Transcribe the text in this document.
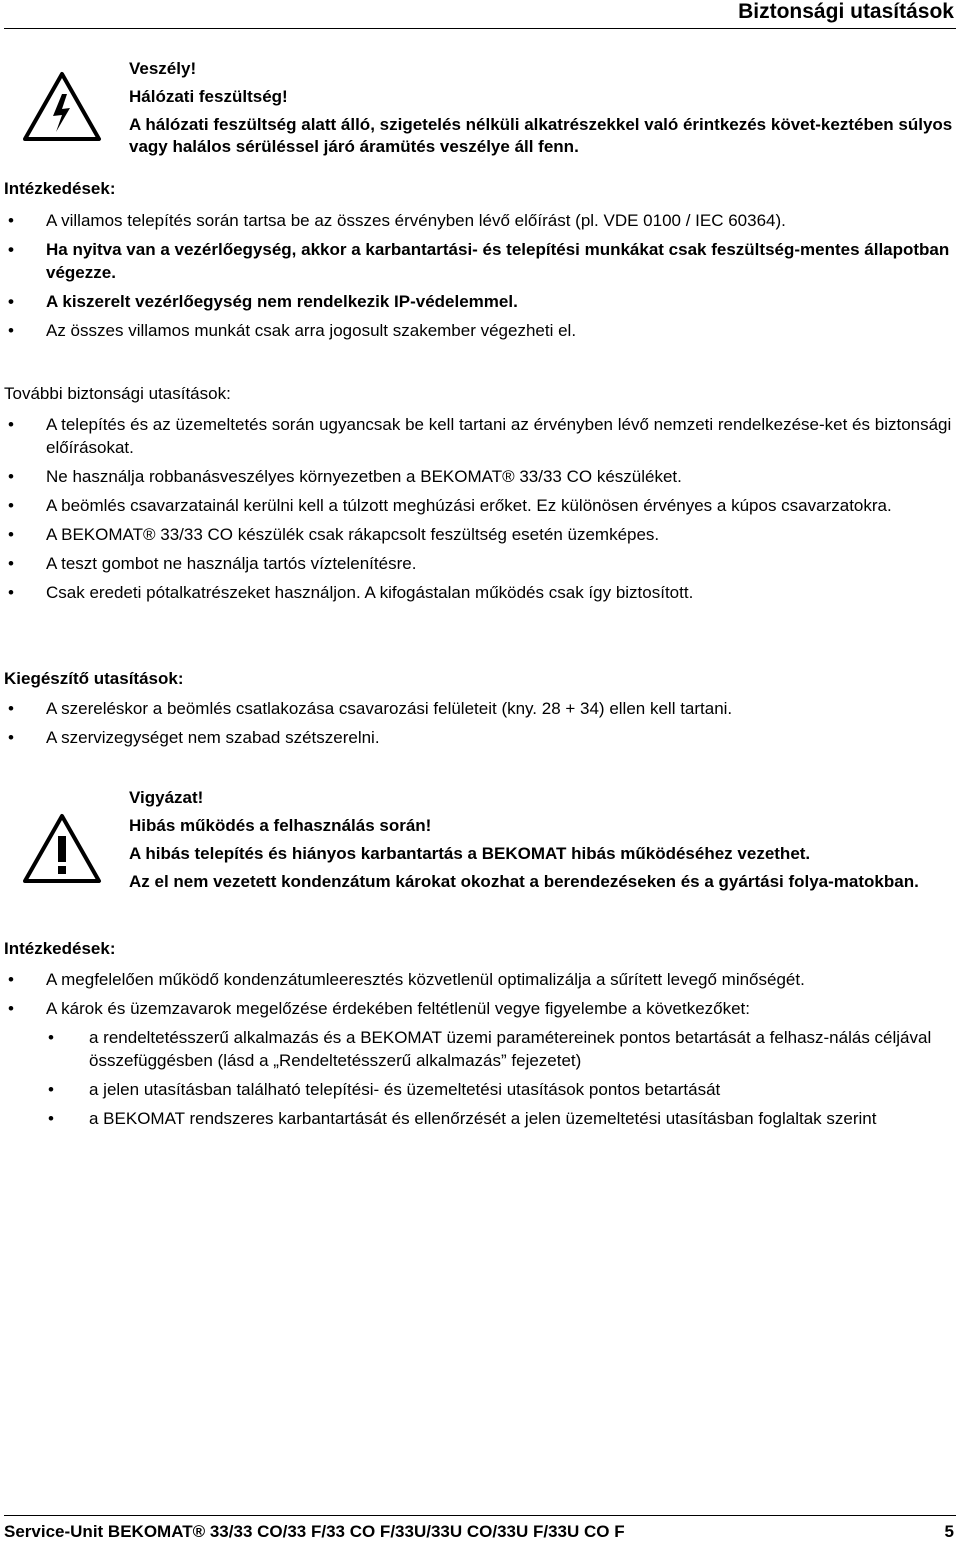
Biztonsági utasítások
Veszély!
Hálózati feszültség!
A hálózati feszültség alatt álló, szigetelés nélküli alkatrészekkel való érintkezés követ-keztében súlyos vagy halálos sérüléssel járó áramütés veszélye áll fenn.
Intézkedések:
• A villamos telepítés során tartsa be az összes érvényben lévő előírást (pl. VDE 0100 / IEC 60364).
• Ha nyitva van a vezérlőegység, akkor a karbantartási- és telepítési munkákat csak feszültség-mentes állapotban végezze.
• A kiszerelt vezérlőegység nem rendelkezik IP-védelemmel.
• Az összes villamos munkát csak arra jogosult szakember végezheti el.
További biztonsági utasítások:
• A telepítés és az üzemeltetés során ugyancsak be kell tartani az érvényben lévő nemzeti rendelkezése-ket és biztonsági előírásokat.
• Ne használja robbanásveszélyes környezetben a BEKOMAT® 33/33 CO készüléket.
• A beömlés csavarzatainál kerülni kell a túlzott meghúzási erőket. Ez különösen érvényes a kúpos csavarzatokra.
• A BEKOMAT® 33/33 CO készülék csak rákapcsolt feszültség esetén üzemképes.
• A teszt gombot ne használja tartós víztelenítésre.
• Csak eredeti pótalkatrészeket használjon. A kifogástalan működés csak így biztosított.
Kiegészítő utasítások:
• A szereléskor a beömlés csatlakozása csavarozási felületeit (kny. 28 + 34) ellen kell tartani.
• A szervizegységet nem szabad szétszerelni.
Vigyázat!
Hibás működés a felhasználás során!
A hibás telepítés és hiányos karbantartás a BEKOMAT hibás működéséhez vezethet.
Az el nem vezetett kondenzátum károkat okozhat a berendezéseken és a gyártási folya-matokban.
Intézkedések:
• A megfelelően működő kondenzátumleeresztés közvetlenül optimalizálja a sűrített levegő minőségét.
• A károk és üzemzavarok megelőzése érdekében feltétlenül vegye figyelembe a következőket:
• a rendeltetésszerű alkalmazás és a BEKOMAT üzemi paramétereinek pontos betartását a felhasz-nálás céljával összefüggésben (lásd a „Rendeltetésszerű alkalmazás” fejezetet)
• a jelen utasításban található telepítési- és üzemeltetési utasítások pontos betartását
• a BEKOMAT rendszeres karbantartását és ellenőrzését a jelen üzemeltetési utasításban foglaltak szerint
Service-Unit BEKOMAT® 33/33 CO/33 F/33 CO F/33U/33U CO/33U F/33U CO F	5
